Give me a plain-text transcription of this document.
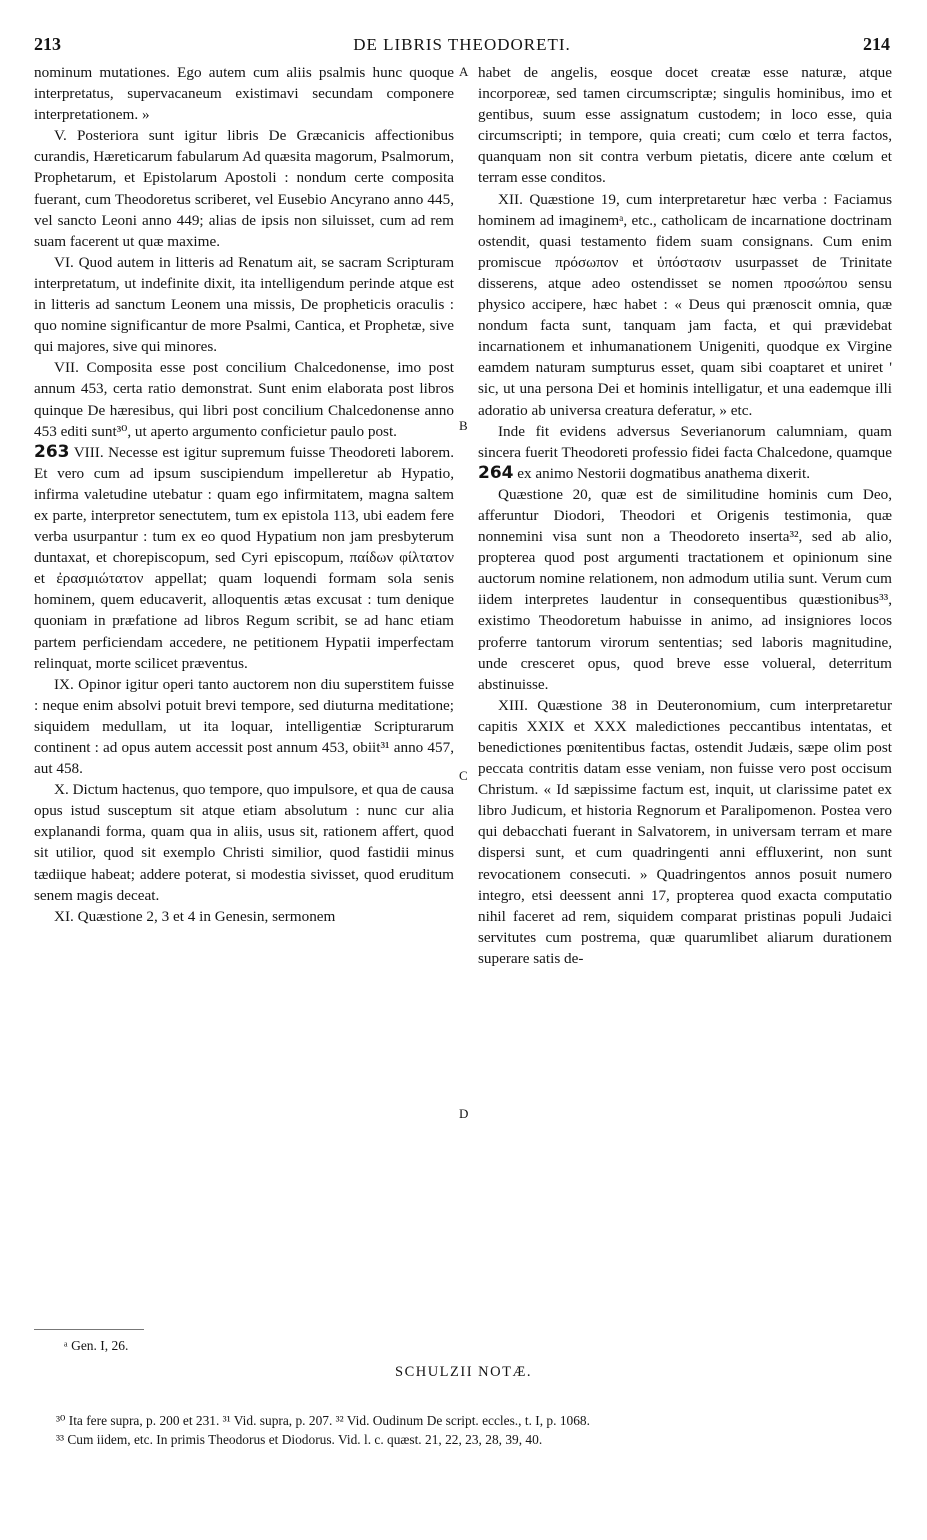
213	DE LIBRIS THEODORETI.	214

nominum mutationes. Ego autem cum aliis psalmis hunc quoque interpretatus, supervacaneum existimavi secundam componere interpretationem. »

V. Posteriora sunt igitur libris De Græcanicis affectionibus curandis, Hæreticarum fabularum Ad quæsita magorum, Psalmorum, Prophetarum, et Epistolarum Apostoli : nondum certe composita fuerant, cum Theodoretus scriberet, vel Eusebio Ancyrano anno 445, vel sancto Leoni anno 449; alias de ipsis non siluisset, cum ad rem suam facerent ut quæ maxime.

VI. Quod autem in litteris ad Renatum ait, se sacram Scripturam interpretatum, ut indefinite dixit, ita intelligendum perinde atque est in litteris ad sanctum Leonem una missis, De propheticis oraculis : quo nomine significantur de more Psalmi, Cantica, et Prophetæ, sive qui majores, sive qui minores.

VII. Composita esse post concilium Chalcedonense, imo post annum 453, certa ratio demonstrat. Sunt enim elaborata post libros quinque De hæresibus, qui libri post concilium Chalcedonense anno 453 editi sunt³⁰, ut aperto argumento conficietur paulo post.

263 VIII. Necesse est igitur supremum fuisse Theodoreti laborem. Et vero cum ad ipsum suscipiendum impelleretur ab Hypatio, infirma valetudine utebatur : quam ego infirmitatem, magna saltem ex parte, interpretor senectutem, tum ex epistola 113, ubi eadem fere verba usurpantur : tum ex eo quod Hypatium non jam presbyterum duntaxat, et chorepiscopum, sed Cyri episcopum, παίδων φίλτατον et ἐρασμιώτατον appellat; quam loquendi formam sola senis hominem, quem educaverit, alloquentis ætas excusat : tum denique quoniam in præfatione ad libros Regum scribit, se ad hanc etiam partem perficiendam accedere, ne petitionem Hypatii imperfectam relinquat, morte scilicet præventus.

IX. Opinor igitur operi tanto auctorem non diu superstitem fuisse : neque enim absolvi potuit brevi tempore, sed diuturna meditatione; siquidem medullam, ut ita loquar, intelligentiæ Scripturarum continent : ad opus autem accessit post annum 453, obiit³¹ anno 457, aut 458.

X. Dictum hactenus, quo tempore, quo impulsore, et qua de causa opus istud susceptum sit atque etiam absolutum : nunc cur alia explanandi forma, quam qua in aliis, usus sit, rationem affert, quod sit utilior, quod sit exemplo Christi similior, quod fastidii minus tædiique habeat; addere poterat, si modestia sivisset, quod eruditum senem magis deceat.

XI. Quæstione 2, 3 et 4 in Genesin, sermonem

A
B
C
D

habet de angelis, eosque docet creatæ esse naturæ, atque incorporeæ, sed tamen circumscriptæ; singulis hominibus, imo et gentibus, suum esse assignatum custodem; in loco esse, quia circumscripti; in tempore, quia creati; cum cœlo et terra factos, quanquam non sit contra verbum pietatis, dicere ante cœlum et terram esse conditos.

XII. Quæstione 19, cum interpretaretur hæc verba : Faciamus hominem ad imaginemᵃ, etc., catholicam de incarnatione doctrinam ostendit, quasi testamento fidem suam consignans. Cum enim promiscue πρόσωπον et ὑπόστασιν usurpasset de Trinitate disserens, atque adeo ostendisset se nomen προσώπου sensu physico accipere, hæc habet : « Deus qui prænoscit omnia, quæ nondum facta sunt, tanquam jam facta, et qui prævidebat incarnationem et inhumanationem Unigeniti, quodque ex Virgine eamdem naturam sumpturus esset, quam sibi coaptaret et uniret ' sic, ut una persona Dei et hominis intelligatur, et una eademque illi adoratio ab universa creatura deferatur, » etc.

Inde fit evidens adversus Severianorum calumniam, quam sincera fuerit Theodoreti professio fidei facta Chalcedone, quamque 264 ex animo Nestorii dogmatibus anathema dixerit.

Quæstione 20, quæ est de similitudine hominis cum Deo, afferuntur Diodori, Theodori et Origenis testimonia, quæ nonnemini visa sunt non a Theodoreto inserta³², sed ab alio, propterea quod post argumenti tractationem et opinionum sine auctorum nomine relationem, non admodum utilia sunt. Verum cum iidem interpretes laudentur in consequentibus quæstionibus³³, existimo Theodoretum habuisse in animo, ad insigniores locos proferre tantorum virorum sententias; sed laboris magnitudine, unde cresceret opus, quod breve esse volueral, deterritum abstinuisse.

XIII. Quæstione 38 in Deuteronomium, cum interpretaretur capitis XXIX et XXX maledictiones peccantibus intentatas, et benedictiones pœnitentibus factas, ostendit Judæis, sæpe olim post peccata contritis datam esse veniam, non fuisse vero post occisum Christum. « Id sæpissime factum est, inquit, ut clarissime patet ex libro Judicum, et historia Regnorum et Paralipomenon. Postea vero qui debacchati fuerant in Salvatorem, in universam terram et mare dispersi sunt, et cum quadringenti anni effluxerint, non sunt revocationem consecuti. » Quadringentos annos posuit numero integro, etsi deessent anni 17, propterea quod exacta computatio nihil faceret ad rem, siquidem comparat pristinas populi Judaici servitutes cum postrema, quæ quarumlibet aliarum durationem superare satis de-

ᵃ Gen. I, 26.
SCHULZII NOTÆ.
³⁰ Ita fere supra, p. 200 et 231. ³¹ Vid. supra, p. 207. ³² Vid. Oudinum De script. eccles., t. I, p. 1068.
³³ Cum iidem, etc. In primis Theodorus et Diodorus. Vid. l. c. quæst. 21, 22, 23, 28, 39, 40.
